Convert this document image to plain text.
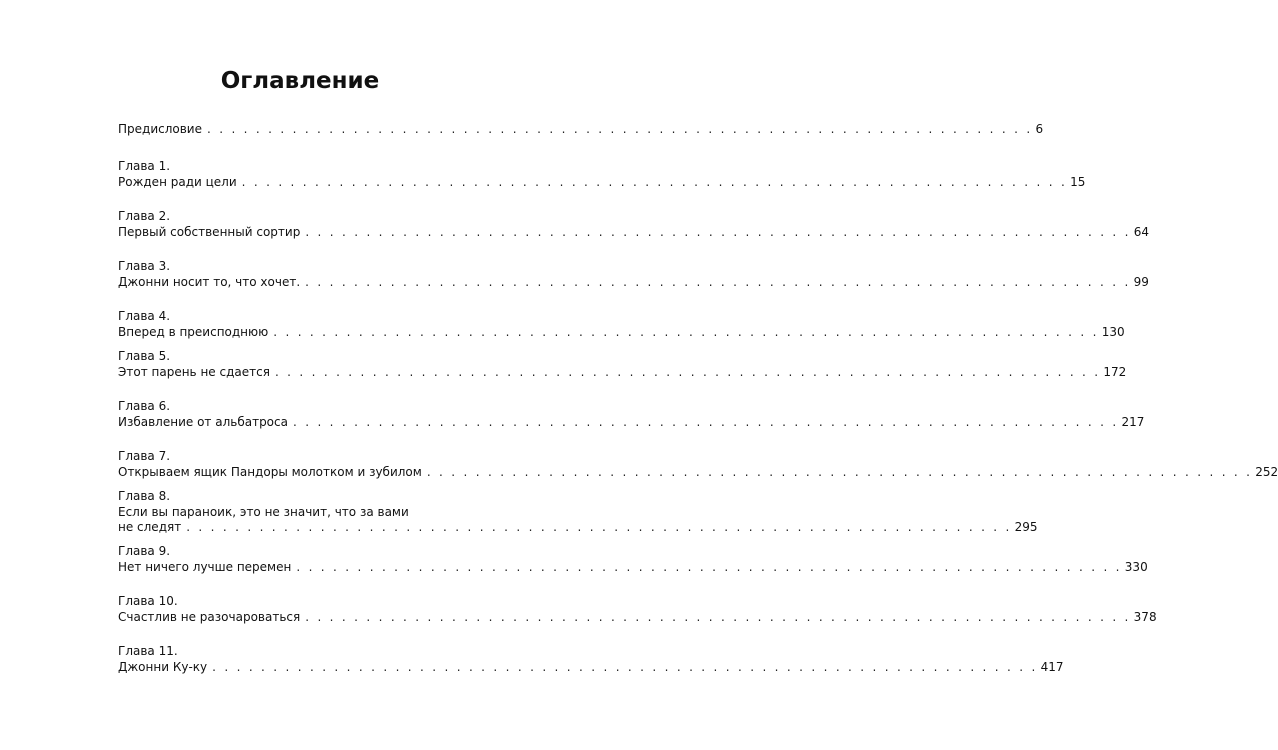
Оглавление
Предисловие . . . . . . . . . . . . . . . . . . . . . . . . . . . . . . . . . . . . . . . . . . . . . . . . . . . . . . . . . . . . . . . . . . . . 6
Глава 1.
Рожден ради цели . . . . . . . . . . . . . . . . . . . . . . . . . . . . . . . . . . . . . . . . . . . . . . . . . . . . . . . . . . . . . . . . . . . . 15
Глава 2.
Первый собственный сортир . . . . . . . . . . . . . . . . . . . . . . . . . . . . . . . . . . . . . . . . . . . . . . . . . . . . . . . . . . . . . . . . . . . . 64
Глава 3.
Джонни носит то, что хочет. . . . . . . . . . . . . . . . . . . . . . . . . . . . . . . . . . . . . . . . . . . . . . . . . . . . . . . . . . . . . . . . . . . . . 99
Глава 4.
Вперед в преисподнюю . . . . . . . . . . . . . . . . . . . . . . . . . . . . . . . . . . . . . . . . . . . . . . . . . . . . . . . . . . . . . . . . . . . . 130
Глава 5.
Этот парень не сдается . . . . . . . . . . . . . . . . . . . . . . . . . . . . . . . . . . . . . . . . . . . . . . . . . . . . . . . . . . . . . . . . . . . . 172
Глава 6.
Избавление от альбатроса . . . . . . . . . . . . . . . . . . . . . . . . . . . . . . . . . . . . . . . . . . . . . . . . . . . . . . . . . . . . . . . . . . . . 217
Глава 7.
Открываем ящик Пандоры молотком и зубилом . . . . . . . . . . . . . . . . . . . . . . . . . . . . . . . . . . . . . . . . . . . . . . . . . . . . . . . . . . . . . . . . . . . . 252
Глава 8.
Если вы параноик, это не значит, что за вами
не следят . . . . . . . . . . . . . . . . . . . . . . . . . . . . . . . . . . . . . . . . . . . . . . . . . . . . . . . . . . . . . . . . . . . . 295
Глава 9.
Нет ничего лучше перемен . . . . . . . . . . . . . . . . . . . . . . . . . . . . . . . . . . . . . . . . . . . . . . . . . . . . . . . . . . . . . . . . . . . . 330
Глава 10.
Счастлив не разочароваться . . . . . . . . . . . . . . . . . . . . . . . . . . . . . . . . . . . . . . . . . . . . . . . . . . . . . . . . . . . . . . . . . . . . 378
Глава 11.
Джонни Ку-ку . . . . . . . . . . . . . . . . . . . . . . . . . . . . . . . . . . . . . . . . . . . . . . . . . . . . . . . . . . . . . . . . . . . . 417
